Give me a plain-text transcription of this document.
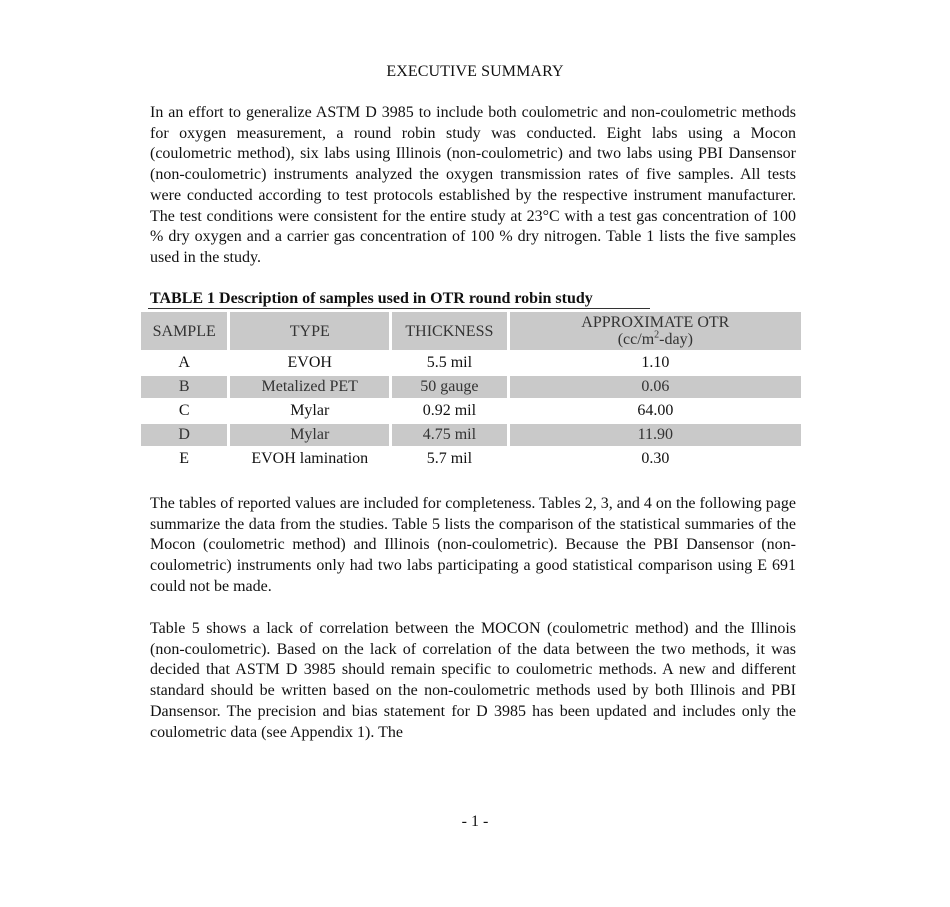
EXECUTIVE SUMMARY

In an effort to generalize ASTM D 3985 to include both coulometric and non-coulometric methods for oxygen measurement, a round robin study was conducted. Eight labs using a Mocon (coulometric method), six labs using Illinois (non-coulometric) and two labs using PBI Dansensor (non-coulometric) instruments analyzed the oxygen transmission rates of five samples. All tests were conducted according to test protocols established by the respective instrument manufacturer. The test conditions were consistent for the entire study at 23°C with a test gas concentration of 100 % dry oxygen and a carrier gas concentration of 100 % dry nitrogen. Table 1 lists the five samples used in the study.

TABLE 1 Description of samples used in OTR round robin study
SAMPLE	TYPE	THICKNESS	APPROXIMATE OTR
$(cc/m^2-day)$
A	EVOH	5.5 mil	1.10
B	Metalized PET	50 gauge	0.06
C	Mylar	0.92 mil	64.00
D	Mylar	4.75 mil	11.90
E	EVOH lamination	5.7 mil	0.30

The tables of reported values are included for completeness. Tables 2, 3, and 4 on the following page summarize the data from the studies. Table 5 lists the comparison of the statistical summaries of the Mocon (coulometric method) and Illinois (non-coulometric). Because the PBI Dansensor (non-coulometric) instruments only had two labs participating a good statistical comparison using E 691 could not be made.

Table 5 shows a lack of correlation between the MOCON (coulometric method) and the Illinois (non-coulometric). Based on the lack of correlation of the data between the two methods, it was decided that ASTM D 3985 should remain specific to coulometric methods. A new and different standard should be written based on the non-coulometric methods used by both Illinois and PBI Dansensor. The precision and bias statement for D 3985 has been updated and includes only the coulometric data (see Appendix 1). The

- 1 -
